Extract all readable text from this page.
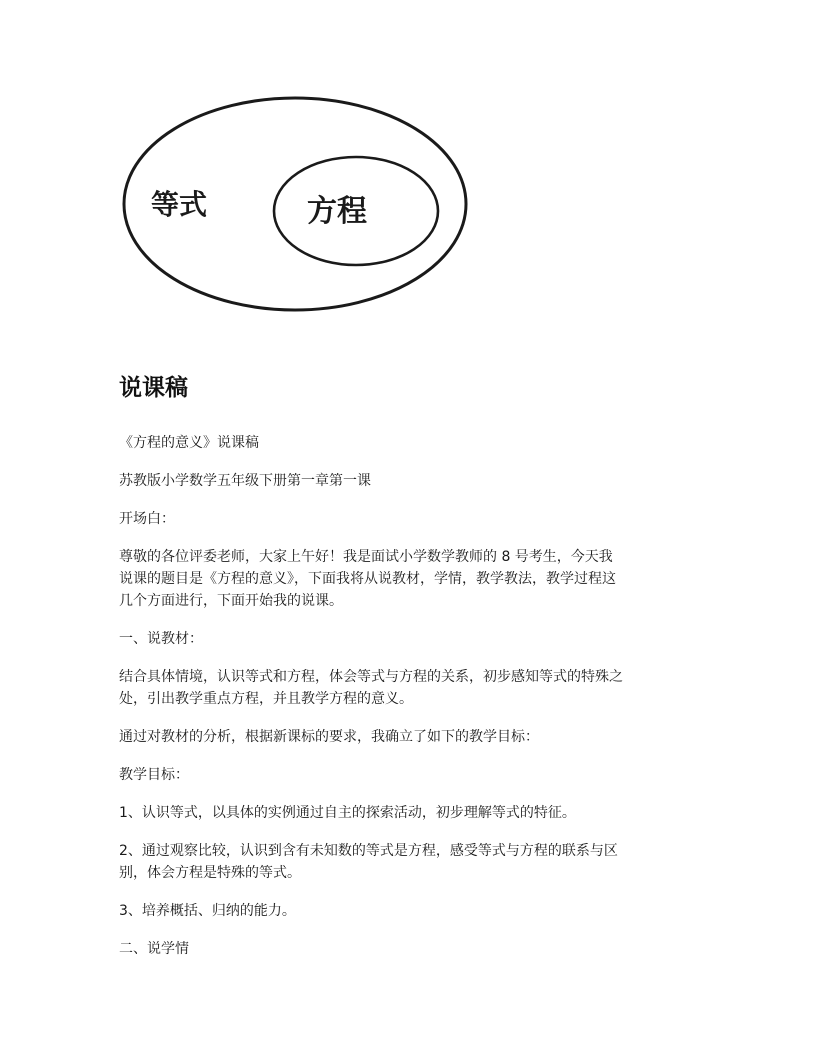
等式	方程
说课稿

《方程的意义》说课稿

苏教版小学数学五年级下册第一章第一课

开场白：

尊敬的各位评委老师，大家上午好！我是面试小学数学教师的 8 号考生，今天我
说课的题目是《方程的意义》，下面我将从说教材，学情，教学教法，教学过程这
几个方面进行，下面开始我的说课。

一、说教材：

结合具体情境，认识等式和方程，体会等式与方程的关系，初步感知等式的特殊之
处，引出教学重点方程，并且教学方程的意义。

通过对教材的分析，根据新课标的要求，我确立了如下的教学目标：

教学目标：

1、认识等式，以具体的实例通过自主的探索活动，初步理解等式的特征。

2、通过观察比较，认识到含有未知数的等式是方程，感受等式与方程的联系与区
别，体会方程是特殊的等式。

3、培养概括、归纳的能力。

二、说学情
